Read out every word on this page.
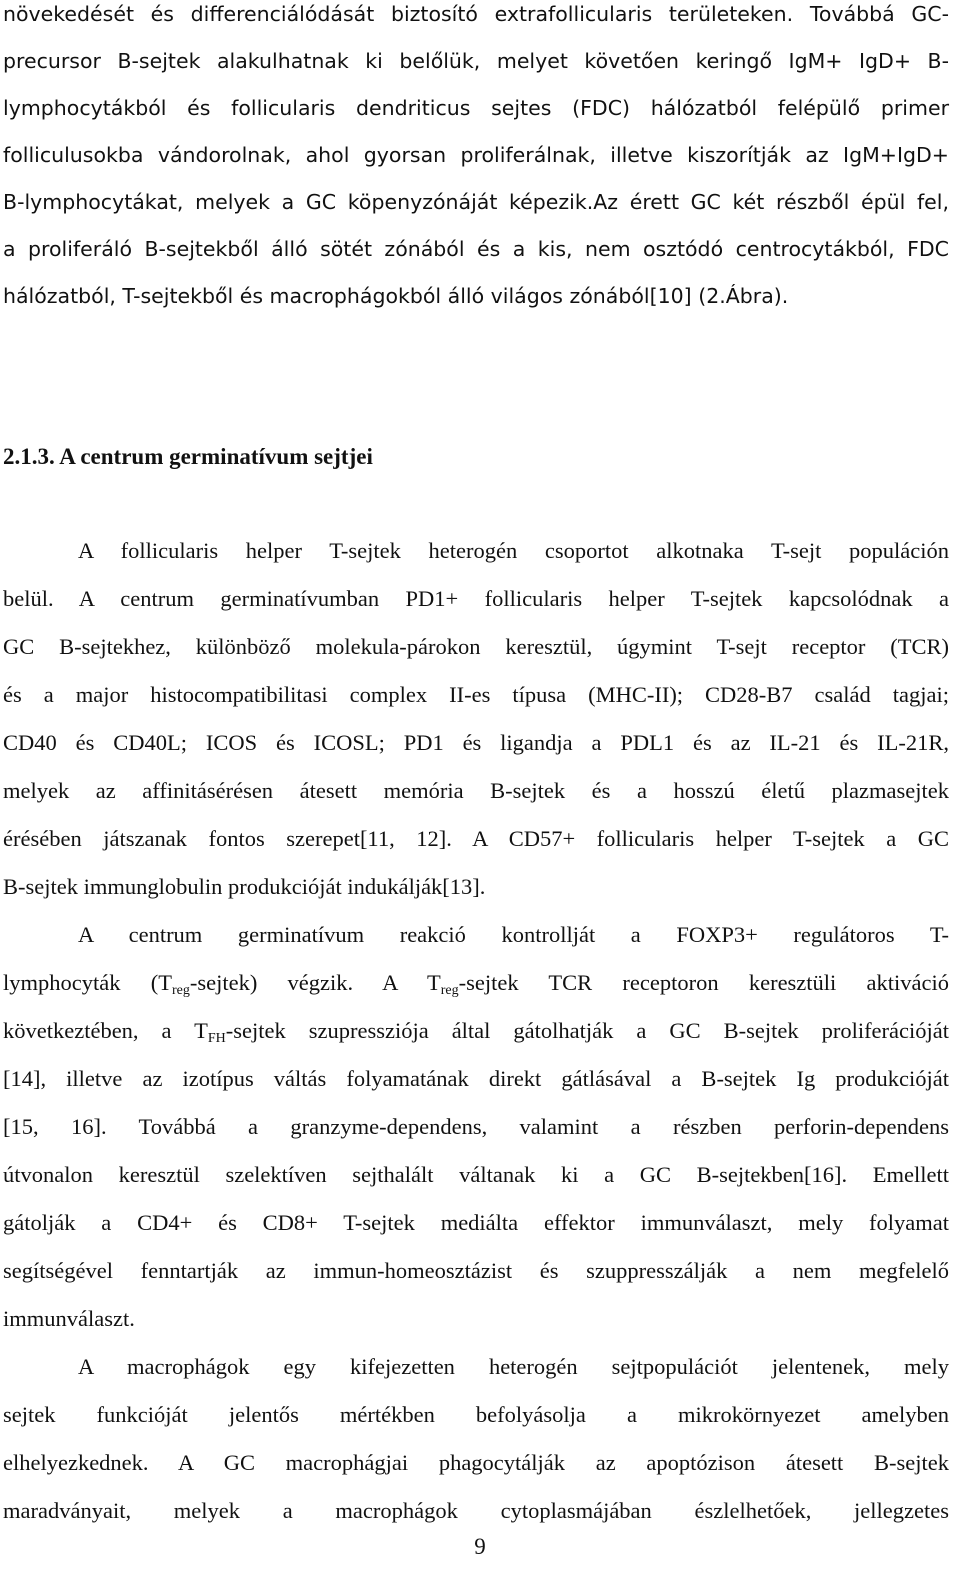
növekedését és differenciálódását biztosító extrafollicularis területeken. Továbbá GC-
precursor B-sejtek alakulhatnak ki belőlük, melyet követően keringő IgM+ IgD+ B-
lymphocytákból és follicularis dendriticus sejtes (FDC) hálózatból felépülő primer
folliculusokba vándorolnak, ahol gyorsan proliferálnak, illetve kiszorítják az IgM+IgD+
B-lymphocytákat, melyek a GC köpenyzónáját képezik.Az érett GC két részből épül fel,
a proliferáló B-sejtekből álló sötét zónából és a kis, nem osztódó centrocytákból, FDC
hálózatból, T-sejtekből és macrophágokból álló világos zónából[10] (2.Ábra).
2.1.3. A centrum germinatívum sejtjei
A follicularis helper T-sejtek heterogén csoportot alkotnaka T-sejt populáción
belül. A centrum germinatívumban PD1+ follicularis helper T-sejtek kapcsolódnak a
GC B-sejtekhez, különböző molekula-párokon keresztül, úgymint T-sejt receptor (TCR)
és a major histocompatibilitasi complex II-es típusa (MHC-II); CD28-B7 család tagjai;
CD40 és CD40L; ICOS és ICOSL; PD1 és ligandja a PDL1 és az IL-21 és IL-21R,
melyek az affinitásérésen átesett memória B-sejtek és a hosszú életű plazmasejtek
érésében játszanak fontos szerepet[11, 12]. A CD57+ follicularis helper T-sejtek a GC
B-sejtek immunglobulin produkcióját indukálják[13].
A centrum germinatívum reakció kontrollját a FOXP3+ regulátoros T-
lymphocyták $(T_{reg}-sejtek)$ végzik. A $T_{reg}$-sejtek TCR receptoron keresztüli aktiváció
következtében, a $T_{FH}$-sejtek szupressziója által gátolhatják a GC B-sejtek proliferációját
[14], illetve az izotípus váltás folyamatának direkt gátlásával a B-sejtek Ig produkcióját
[15, 16]. Továbbá a granzyme-dependens, valamint a részben perforin-dependens
útvonalon keresztül szelektíven sejthalált váltanak ki a GC B-sejtekben[16]. Emellett
gátolják a CD4+ és CD8+ T-sejtek mediálta effektor immunválaszt, mely folyamat
segítségével fenntartják az immun-homeosztázist és szuppresszálják a nem megfelelő
immunválaszt.
A macrophágok egy kifejezetten heterogén sejtpopulációt jelentenek, mely
sejtek funkcióját jelentős mértékben befolyásolja a mikrokörnyezet amelyben
elhelyezkednek. A GC macrophágjai phagocytálják az apoptózison átesett B-sejtek
maradványait, melyek a macrophágok cytoplasmájában észlelhetőek, jellegzetes
9
